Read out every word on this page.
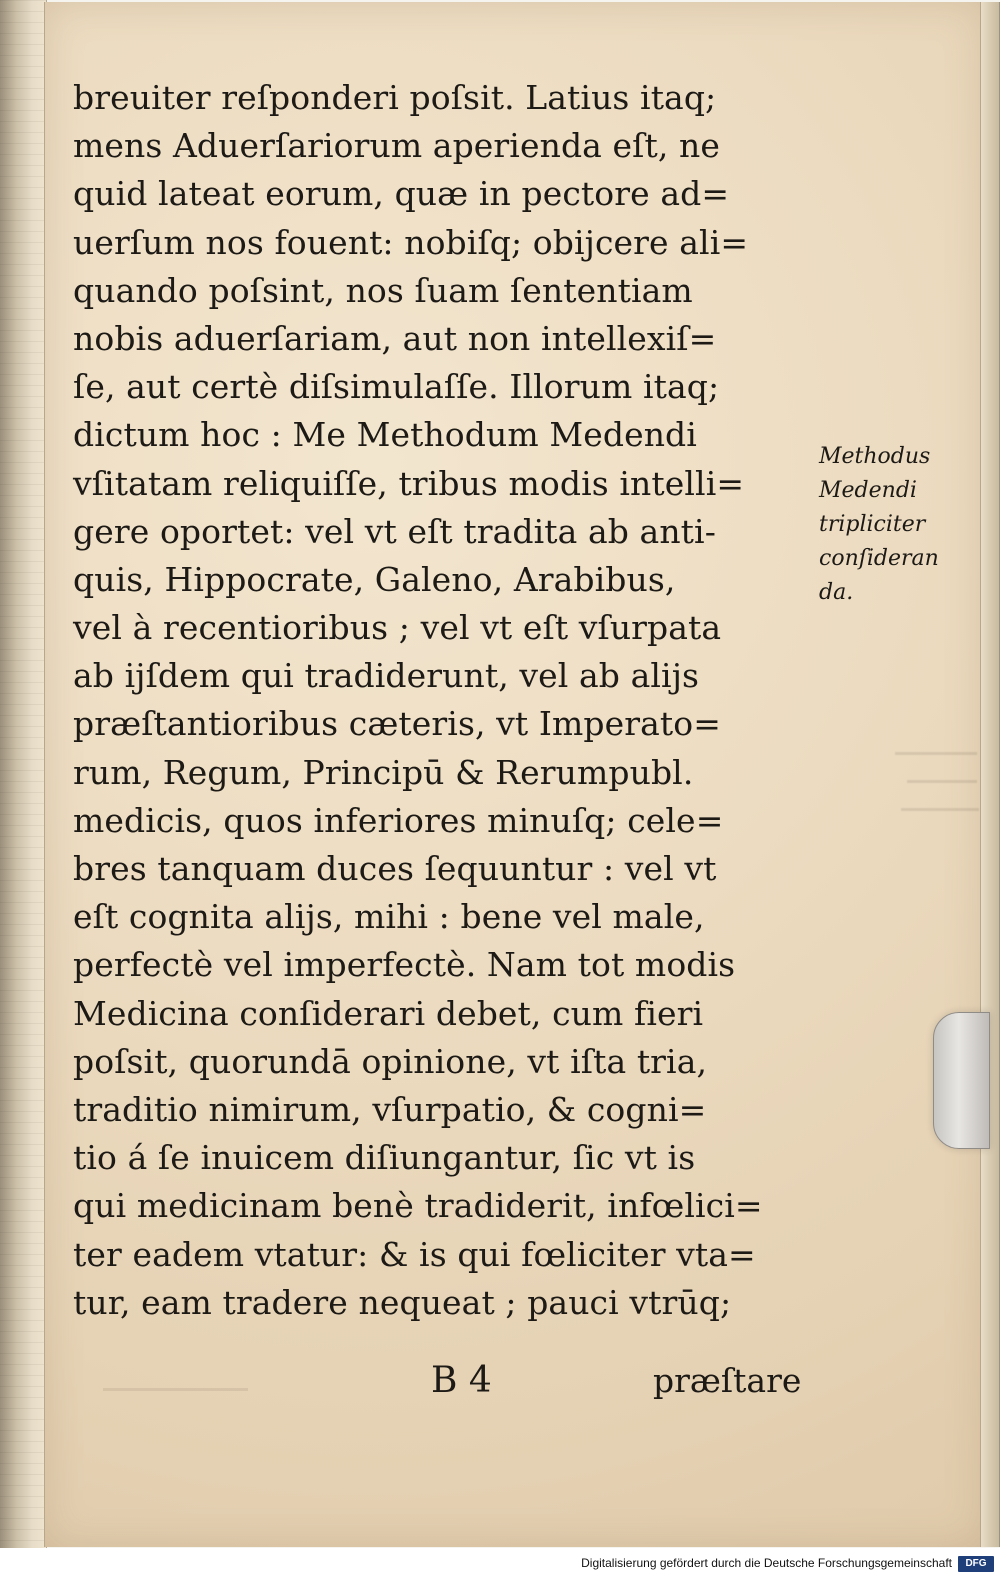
breuiter reſponderi poſsit. Latius itaq;
mens Aduerſariorum aperienda eſt, ne
quid lateat eorum, quæ in pectore ad=
uerſum nos fouent: nobiſq; obijcere ali=
quando poſsint, nos ſuam ſententiam
nobis aduerſariam, aut non intellexiſ=
ſe, aut certè diſsimulaſſe. Illorum itaq;
dictum hoc : Me Methodum Medendi
vſitatam reliquiſſe, tribus modis intelli=
gere oportet: vel vt eſt tradita ab anti-
quis, Hippocrate, Galeno, Arabibus,
vel à recentioribus ; vel vt eſt vſurpata
ab ijſdem qui tradiderunt, vel ab alijs
præſtantioribus cæteris, vt Imperato=
rum, Regum, Principū & Rerumpubl.
medicis, quos inferiores minuſq; cele=
bres tanquam duces ſequuntur : vel vt
eſt cognita alijs, mihi : bene vel male,
perfectè vel imperfectè. Nam tot modis
Medicina conſiderari debet, cum fieri
poſsit, quorundā opinione, vt iſta tria,
traditio nimirum, vſurpatio, & cogni=
tio á ſe inuicem diſiungantur, ſic vt is
qui medicinam benè tradiderit, infœlici=
ter eadem vtatur: & is qui fœliciter vta=
tur, eam tradere nequeat ; pauci vtrūq;
Methodus
Medendi
tripliciter
conſideran
da.
B 4	præſtare
Digitalisierung gefördert durch die Deutsche Forschungsgemeinschaft	DFG
